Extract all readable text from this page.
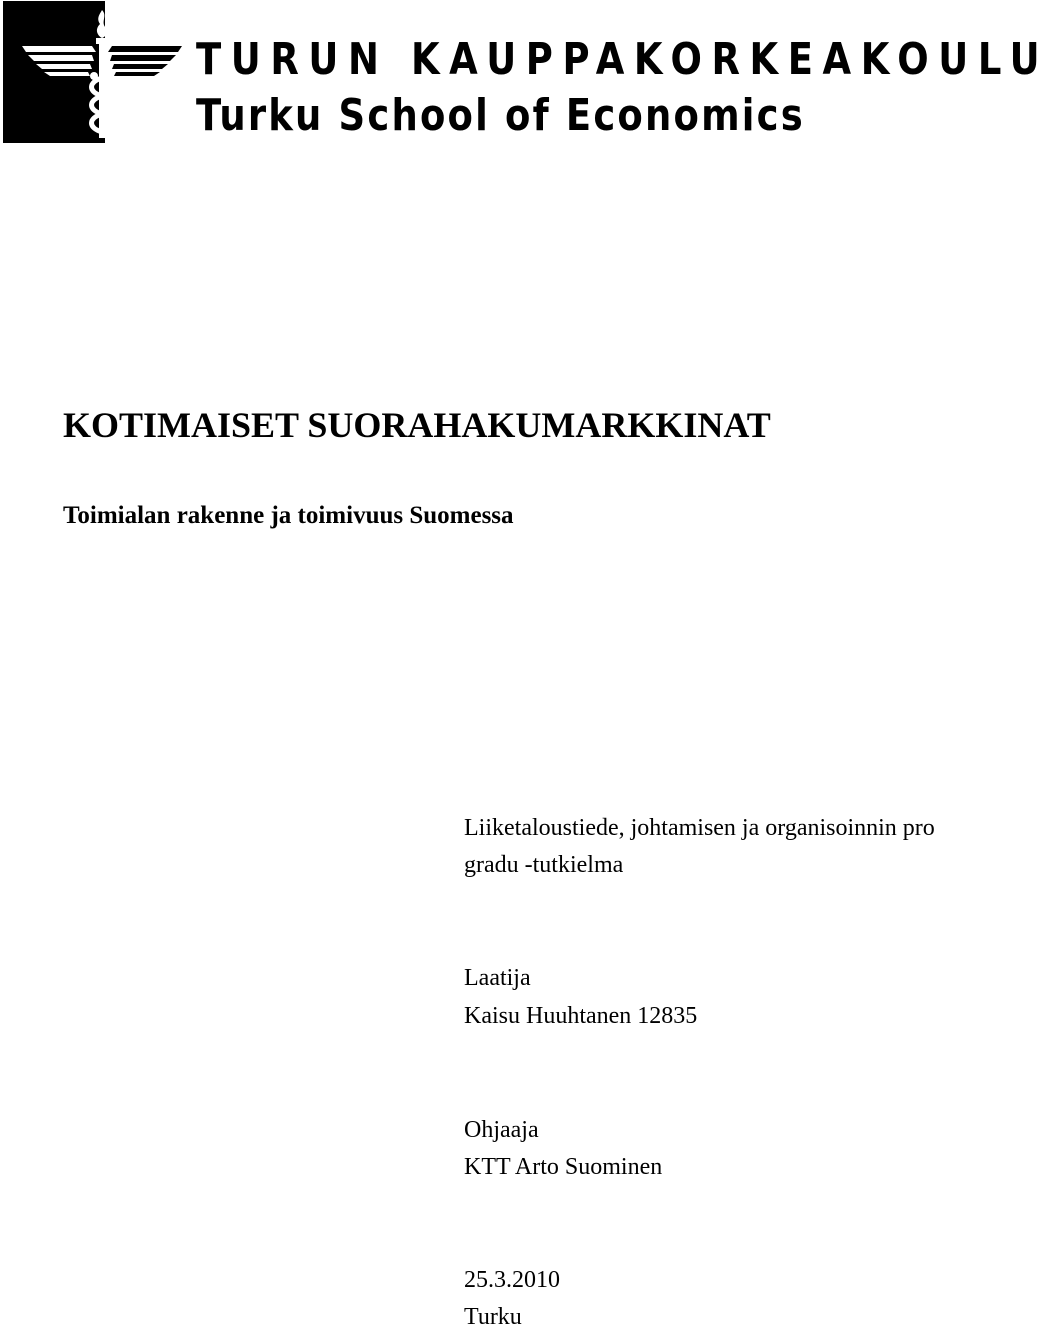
TURUN KAUPPAKORKEAKOULU
Turku School of Economics
KOTIMAISET SUORAHAKUMARKKINAT
Toimialan rakenne ja toimivuus Suomessa
Liiketaloustiede, johtamisen ja organisoinnin pro
gradu -tutkielma
Laatija
Kaisu Huuhtanen 12835
Ohjaaja
KTT Arto Suominen
25.3.2010
Turku
